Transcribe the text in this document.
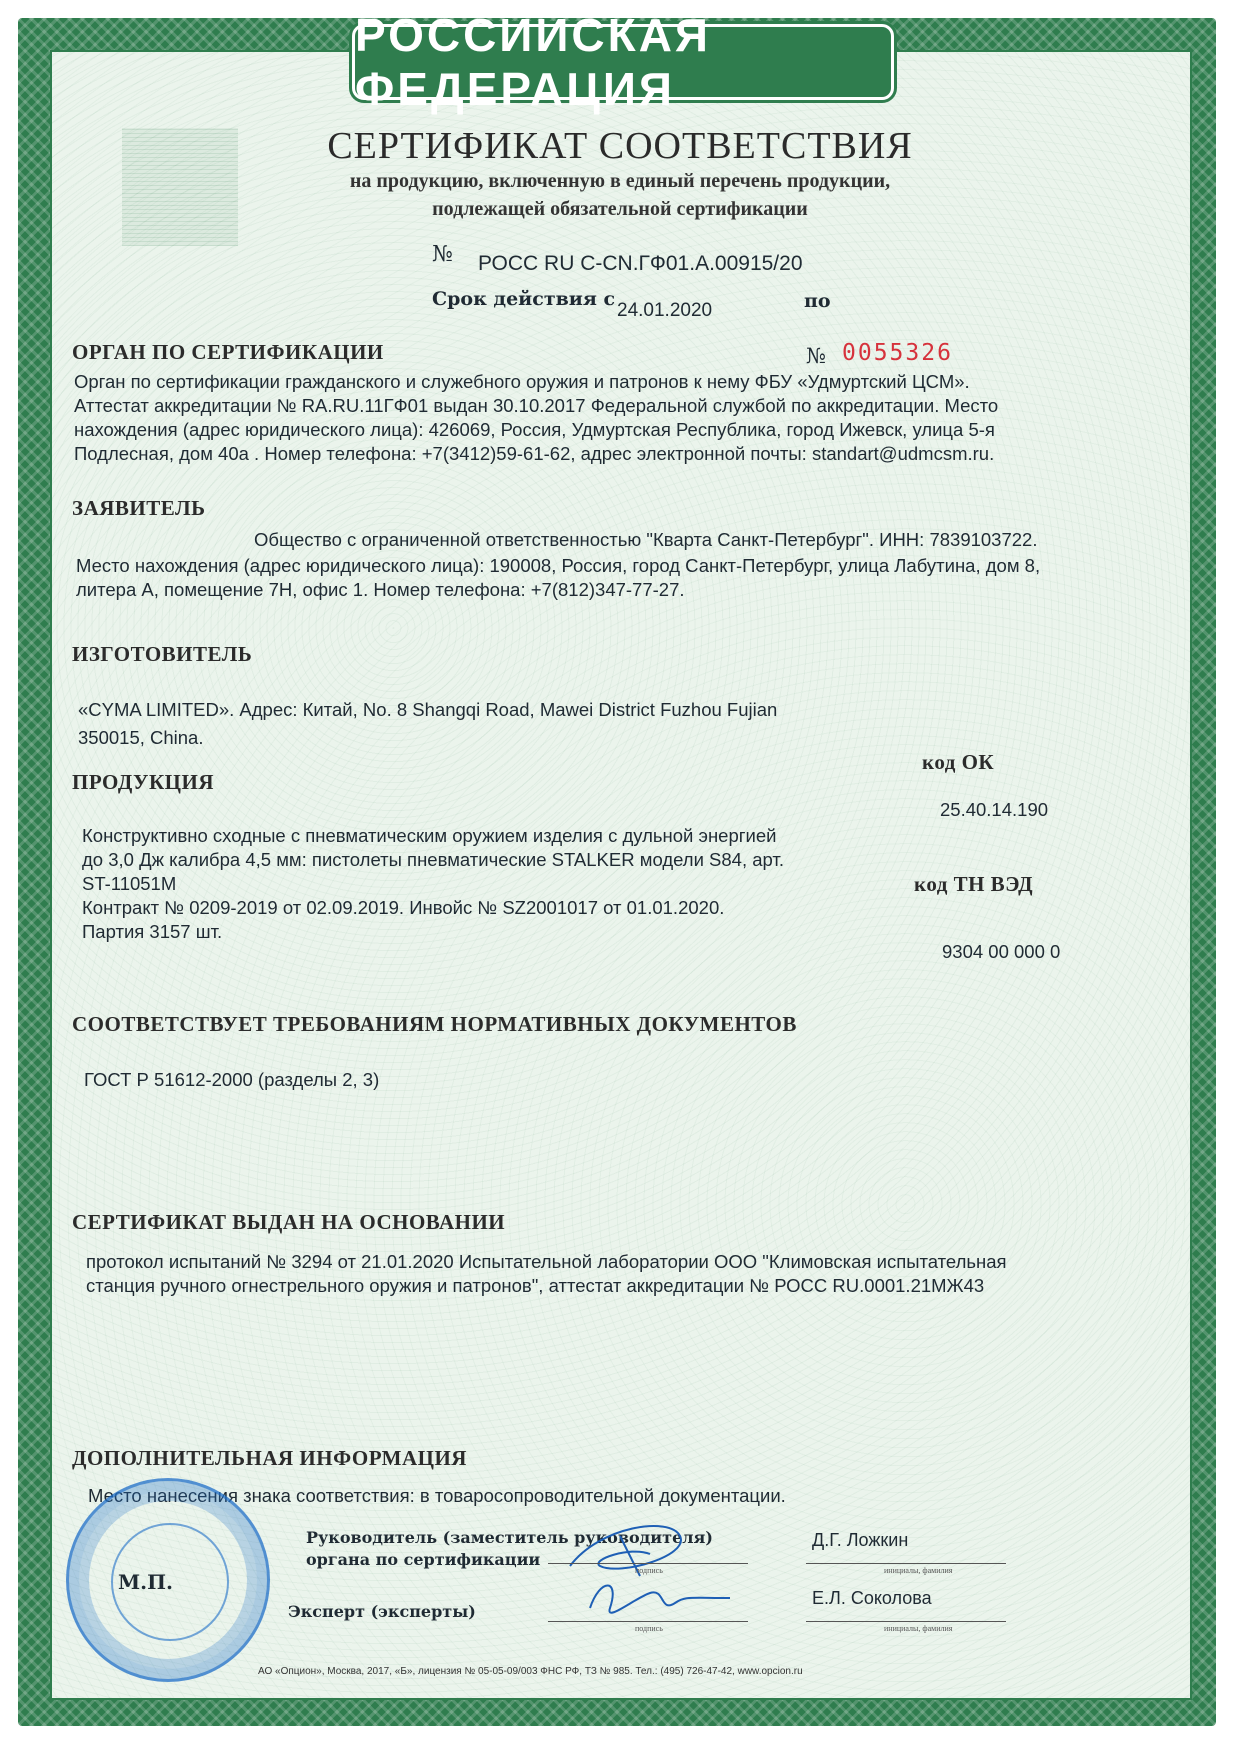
РОССИЙСКАЯ ФЕДЕРАЦИЯ
СЕРТИФИКАТ СООТВЕТСТВИЯ
на продукцию, включенную в единый перечень продукции,
подлежащей обязательной сертификации
№ РОСС RU С-CN.ГФ01.А.00915/20
Срок действия с
24.01.2020	по
ОРГАН ПО СЕРТИФИКАЦИИ	№ 0055326
Орган по сертификации гражданского и служебного оружия и патронов к нему ФБУ «Удмуртский ЦСМ».
Аттестат аккредитации № RA.RU.11ГФ01 выдан 30.10.2017 Федеральной службой по аккредитации. Место
нахождения (адрес юридического лица): 426069, Россия, Удмуртская Республика, город Ижевск, улица 5-я
Подлесная, дом 40а . Номер телефона: +7(3412)59-61-62, адрес электронной почты: standart@udmcsm.ru.
ЗАЯВИТЕЛЬ
Общество с ограниченной ответственностью "Кварта Санкт-Петербург". ИНН: 7839103722.
Место нахождения (адрес юридического лица): 190008, Россия, город Санкт-Петербург, улица Лабутина, дом 8,
литера А, помещение 7Н, офис 1. Номер телефона: +7(812)347-77-27.
ИЗГОТОВИТЕЛЬ
«CYMA LIMITED». Адрес: Китай, No. 8 Shangqi Road, Mawei District Fuzhou Fujian
350015, China.
код ОК
ПРОДУКЦИЯ
25.40.14.190
Конструктивно сходные с пневматическим оружием изделия с дульной энергией
до 3,0 Дж калибра 4,5 мм: пистолеты пневматические STALKER модели S84, арт.
ST-11051M	код ТН ВЭД
Контракт № 0209-2019 от 02.09.2019. Инвойс № SZ2001017 от 01.01.2020.
Партия 3157 шт.
9304 00 000 0
СООТВЕТСТВУЕТ ТРЕБОВАНИЯМ НОРМАТИВНЫХ ДОКУМЕНТОВ
ГОСТ Р 51612-2000 (разделы 2, 3)
СЕРТИФИКАТ ВЫДАН НА ОСНОВАНИИ
протокол испытаний № 3294 от 21.01.2020 Испытательной лаборатории ООО "Климовская испытательная
станция ручного огнестрельного оружия и патронов", аттестат аккредитации № РОСС RU.0001.21МЖ43
ДОПОЛНИТЕЛЬНАЯ ИНФОРМАЦИЯ
Место нанесения знака соответствия: в товаросопроводительной документации.
Руководитель (заместитель руководителя)
органа по сертификации
М.П.
Эксперт (эксперты)
подпись
Д.Г. Ложкин
инициалы, фамилия
подпись
Е.Л. Соколова
инициалы, фамилия
АО «Опцион», Москва, 2017, «Б», лицензия № 05-05-09/003 ФНС РФ, ТЗ № 985. Тел.: (495) 726-47-42, www.opcion.ru
